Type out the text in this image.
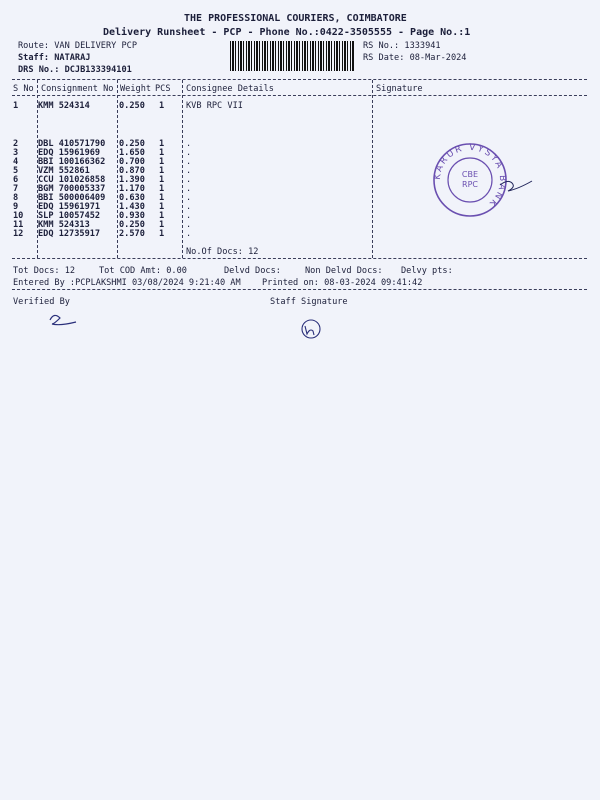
THE PROFESSIONAL COURIERS, COIMBATORE
Delivery Runsheet - PCP - Phone No.:0422-3505555 - Page No.:1
Route: VAN DELIVERY PCP
Staff: NATARAJ
DRS No.: DCJB133394101
RS No.: 1333941
RS Date: 08-Mar-2024
S No Consignment No Weight PCS Consignee Details	Signature
1 KMM 524314	0.250 1	KVB RPC VII
2 DBL 410571790 0.250 1	.
3 EDQ 15961969 1.650 1	.
4 BBI 100166362 0.700 1	.
5 VZM 552861	0.870 1	.
6 CCU 101026858 1.390 1	.
7 BGM 700005337 1.170 1	.
8 BBI 500006409 0.630 1	.
9 EDQ 15961971 1.430 1	.
10 SLP 10057452 0.930 1	.
11 KMM 524313	0.250 1	.
12 EDQ 12735917 2.570 1	.
No.Of Docs: 12
KARUR VYSYA BANK
CBE
RPC
Tot Docs: 12	Tot COD Amt: 0.00	Delvd Docs:	Non Delvd Docs: Delvy pts:
Entered By :PCPLAKSHMI 03/08/2024 9:21:40 AM Printed on: 08-03-2024 09:41:42
Verified By	Staff Signature
